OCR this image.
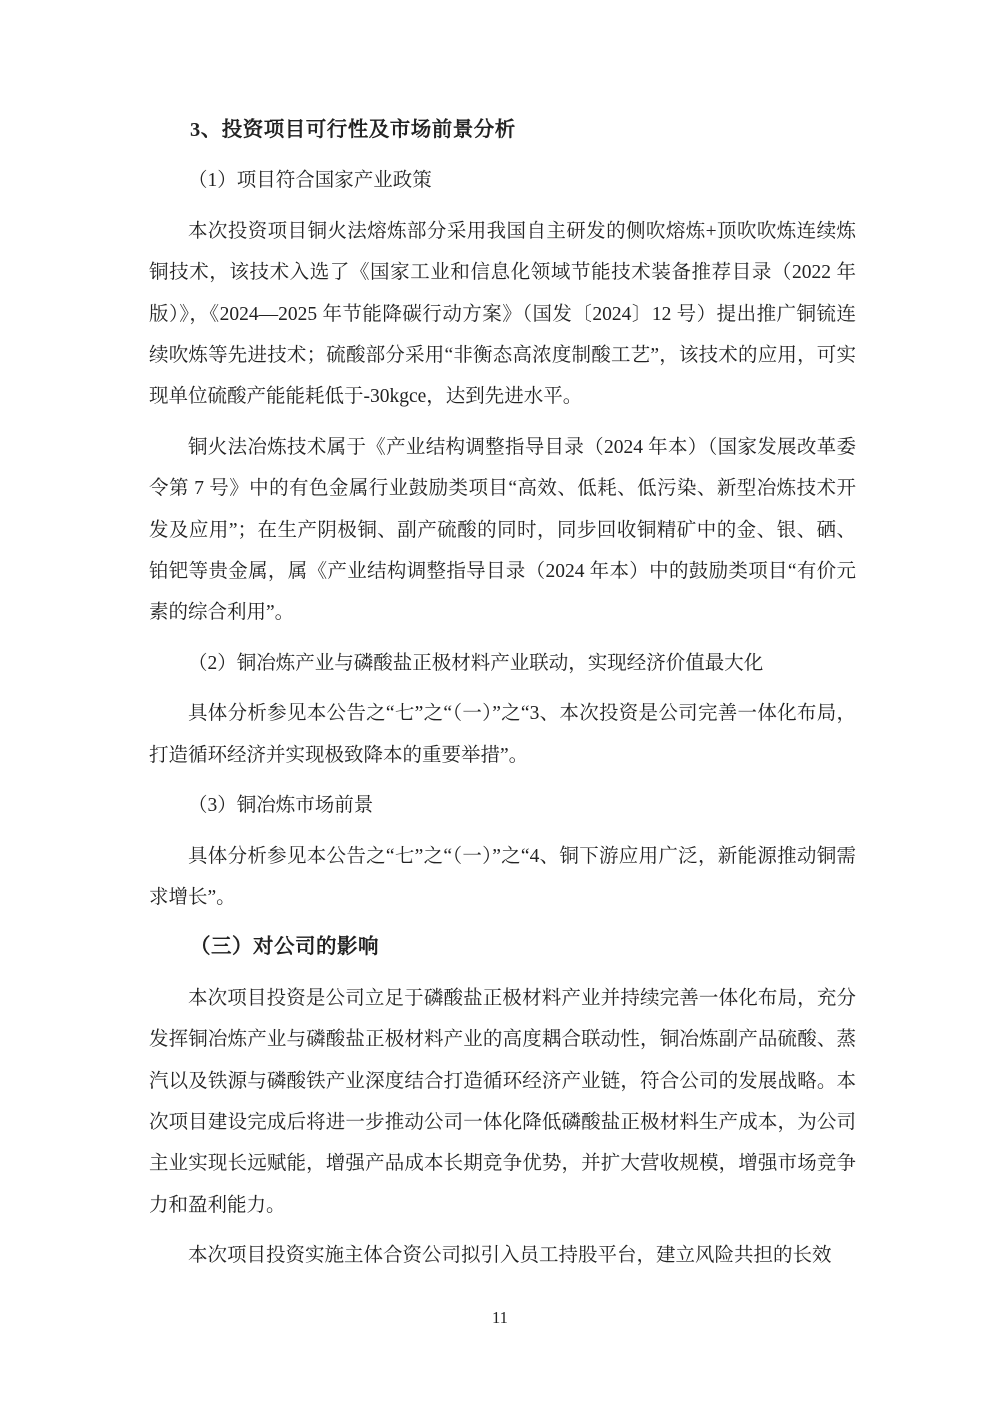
3、投资项目可行性及市场前景分析
（1）项目符合国家产业政策

本次投资项目铜火法熔炼部分采用我国自主研发的侧吹熔炼+顶吹吹炼连续炼铜技术，该技术入选了《国家工业和信息化领域节能技术装备推荐目录（2022 年版）》，《2024—2025 年节能降碳行动方案》（国发〔2024〕12 号）提出推广铜锍连续吹炼等先进技术；硫酸部分采用“非衡态高浓度制酸工艺”，该技术的应用，可实现单位硫酸产能能耗低于-30kgce，达到先进水平。

铜火法冶炼技术属于《产业结构调整指导目录（2024 年本）（国家发展改革委令第 7 号》中的有色金属行业鼓励类项目“高效、低耗、低污染、新型冶炼技术开发及应用”；在生产阴极铜、副产硫酸的同时，同步回收铜精矿中的金、银、硒、铂钯等贵金属，属《产业结构调整指导目录（2024 年本）中的鼓励类项目“有价元素的综合利用”。

（2）铜冶炼产业与磷酸盐正极材料产业联动，实现经济价值最大化

具体分析参见本公告之“七”之“（一）”之“3、本次投资是公司完善一体化布局，打造循环经济并实现极致降本的重要举措”。

（3）铜冶炼市场前景

具体分析参见本公告之“七”之“（一）”之“4、铜下游应用广泛，新能源推动铜需求增长”。

（三）对公司的影响

本次项目投资是公司立足于磷酸盐正极材料产业并持续完善一体化布局，充分发挥铜冶炼产业与磷酸盐正极材料产业的高度耦合联动性，铜冶炼副产品硫酸、蒸汽以及铁源与磷酸铁产业深度结合打造循环经济产业链，符合公司的发展战略。本次项目建设完成后将进一步推动公司一体化降低磷酸盐正极材料生产成本，为公司主业实现长远赋能，增强产品成本长期竞争优势，并扩大营收规模，增强市场竞争力和盈利能力。

本次项目投资实施主体合资公司拟引入员工持股平台，建立风险共担的长效

11
